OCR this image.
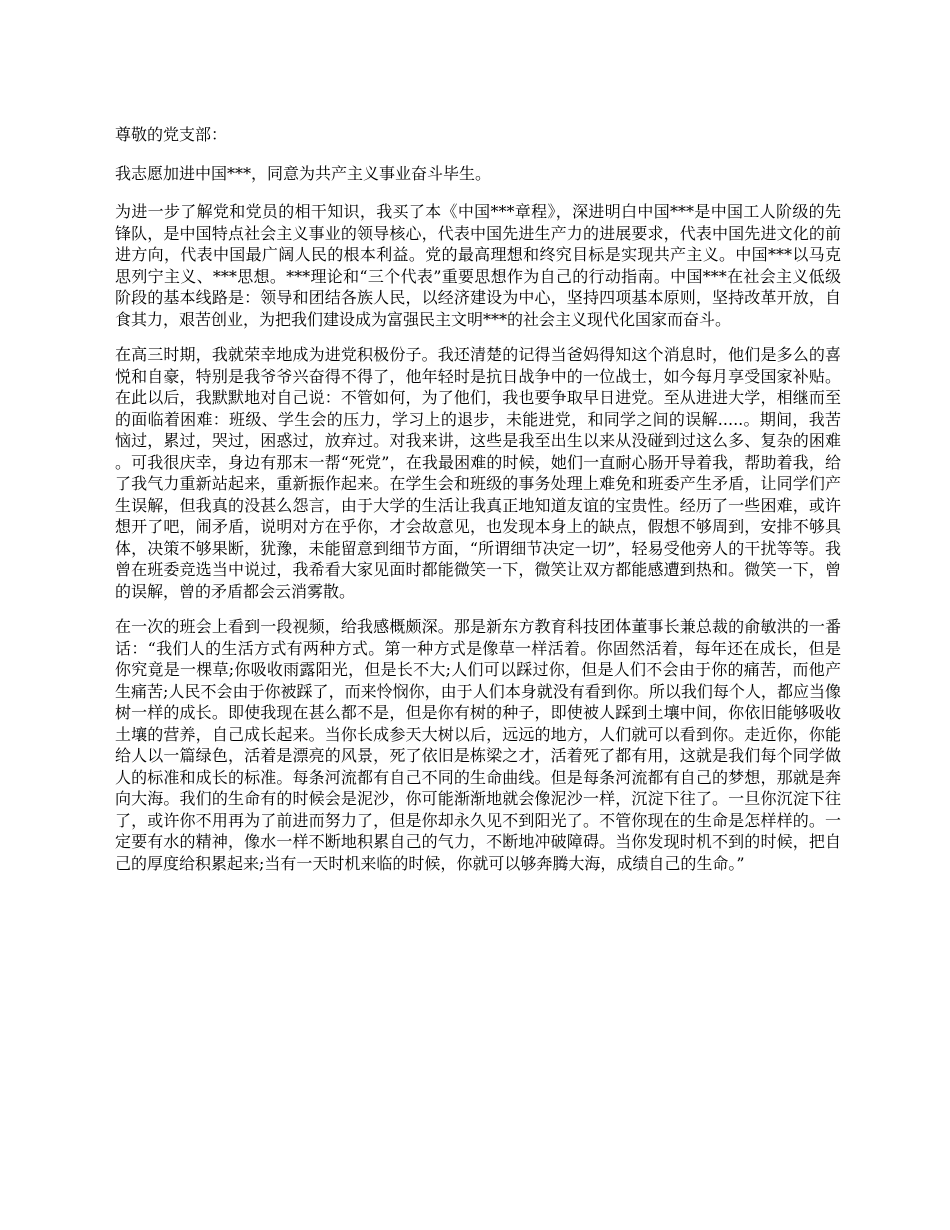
尊敬的党支部：

我志愿加进中国***，同意为共产主义事业奋斗毕生。

为进一步了解党和党员的相干知识，我买了本《中国***章程》，深进明白中国***是中国工人阶级的先锋队，是中国特点社会主义事业的领导核心，代表中国先进生产力的进展要求，代表中国先进文化的前进方向，代表中国最广阔人民的根本利益。党的最高理想和终究目标是实现共产主义。中国***以马克思列宁主义、***思想。***理论和“三个代表”重要思想作为自己的行动指南。中国***在社会主义低级阶段的基本线路是：领导和团结各族人民，以经济建设为中心，坚持四项基本原则，坚持改革开放，自食其力，艰苦创业，为把我们建设成为富强民主文明***的社会主义现代化国家而奋斗。

在高三时期，我就荣幸地成为进党积极份子。我还清楚的记得当爸妈得知这个消息时，他们是多么的喜悦和自豪，特别是我爷爷兴奋得不得了，他年轻时是抗日战争中的一位战士，如今每月享受国家补贴。在此以后，我默默地对自己说：不管如何，为了他们，我也要争取早日进党。至从进进大学，相继而至的面临着困难：班级、学生会的压力，学习上的退步，未能进党，和同学之间的误解.....。期间，我苦恼过，累过，哭过，困惑过，放弃过。对我来讲，这些是我至出生以来从没碰到过这么多、复杂的困难。可我很庆幸，身边有那末一帮“死党”，在我最困难的时候，她们一直耐心肠开导着我，帮助着我，给了我气力重新站起来，重新振作起来。在学生会和班级的事务处理上难免和班委产生矛盾，让同学们产生误解，但我真的没甚么怨言，由于大学的生活让我真正地知道友谊的宝贵性。经历了一些困难，或许想开了吧，闹矛盾，说明对方在乎你，才会故意见，也发现本身上的缺点，假想不够周到，安排不够具体，决策不够果断，犹豫，未能留意到细节方面，“所谓细节决定一切”，轻易受他旁人的干扰等等。我曾在班委竞选当中说过，我希看大家见面时都能微笑一下，微笑让双方都能感遭到热和。微笑一下，曾的误解，曾的矛盾都会云消雾散。

在一次的班会上看到一段视频，给我感概颇深。那是新东方教育科技团体董事长兼总裁的俞敏洪的一番话：“我们人的生活方式有两种方式。第一种方式是像草一样活着。你固然活着，每年还在成长，但是你究竟是一棵草;你吸收雨露阳光，但是长不大;人们可以踩过你，但是人们不会由于你的痛苦，而他产生痛苦;人民不会由于你被踩了，而来怜悯你，由于人们本身就没有看到你。所以我们每个人，都应当像树一样的成长。即使我现在甚么都不是，但是你有树的种子，即使被人踩到土壤中间，你依旧能够吸收土壤的营养，自己成长起来。当你长成参天大树以后，远远的地方，人们就可以看到你。走近你，你能给人以一篇绿色，活着是漂亮的风景，死了依旧是栋梁之才，活着死了都有用，这就是我们每个同学做人的标准和成长的标准。每条河流都有自己不同的生命曲线。但是每条河流都有自己的梦想，那就是奔向大海。我们的生命有的时候会是泥沙，你可能渐渐地就会像泥沙一样，沉淀下往了。一旦你沉淀下往了，或许你不用再为了前进而努力了，但是你却永久见不到阳光了。不管你现在的生命是怎样样的。一定要有水的精神，像水一样不断地积累自己的气力，不断地冲破障碍。当你发现时机不到的时候，把自己的厚度给积累起来;当有一天时机来临的时候，你就可以够奔腾大海，成绩自己的生命。”
